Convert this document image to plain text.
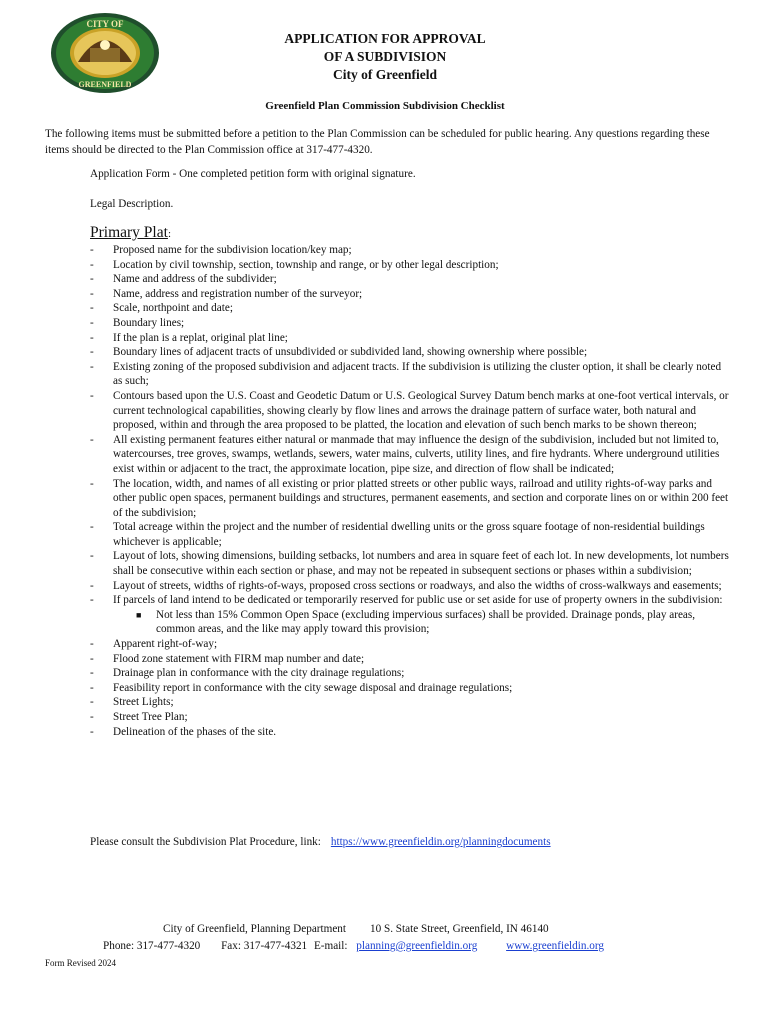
CITY OF
GREENFIELD
APPLICATION FOR APPROVAL
OF A SUBDIVISION
City of Greenfield
Greenfield Plan Commission Subdivision Checklist
The following items must be submitted before a petition to the Plan Commission can be scheduled for public hearing. Any questions regarding these items should be directed to the Plan Commission office at 317-477-4320.
Application Form - One completed petition form with original signature.
Legal Description.
Primary Plat:
- Proposed name for the subdivision location/key map;
- Location by civil township, section, township and range, or by other legal description;
- Name and address of the subdivider;
- Name, address and registration number of the surveyor;
- Scale, northpoint and date;
- Boundary lines;
- If the plan is a replat, original plat line;
- Boundary lines of adjacent tracts of unsubdivided or subdivided land, showing ownership where possible;
- Existing zoning of the proposed subdivision and adjacent tracts. If the subdivision is utilizing the cluster option, it shall be clearly noted as such;
- Contours based upon the U.S. Coast and Geodetic Datum or U.S. Geological Survey Datum bench marks at one-foot vertical intervals, or current technological capabilities, showing clearly by flow lines and arrows the drainage pattern of surface water, both natural and proposed, within and through the area proposed to be platted, the location and elevation of such bench marks to be shown thereon;
- All existing permanent features either natural or manmade that may influence the design of the subdivision, included but not limited to, watercourses, tree groves, swamps, wetlands, sewers, water mains, culverts, utility lines, and fire hydrants. Where underground utilities exist within or adjacent to the tract, the approximate location, pipe size, and direction of flow shall be indicated;
- The location, width, and names of all existing or prior platted streets or other public ways, railroad and utility rights-of-way parks and other public open spaces, permanent buildings and structures, permanent easements, and section and corporate lines on or within 200 feet of the subdivision;
- Total acreage within the project and the number of residential dwelling units or the gross square footage of non-residential buildings whichever is applicable;
- Layout of lots, showing dimensions, building setbacks, lot numbers and area in square feet of each lot. In new developments, lot numbers shall be consecutive within each section or phase, and may not be repeated in subsequent sections or phases within a subdivision;
- Layout of streets, widths of rights-of-ways, proposed cross sections or roadways, and also the widths of cross-walkways and easements;
- If parcels of land intend to be dedicated or temporarily reserved for public use or set aside for use of property owners in the subdivision:
■ Not less than 15% Common Open Space (excluding impervious surfaces) shall be provided. Drainage ponds, play areas, common areas, and the like may apply toward this provision;
- Apparent right-of-way;
- Flood zone statement with FIRM map number and date;
- Drainage plan in conformance with the city drainage regulations;
- Feasibility report in conformance with the city sewage disposal and drainage regulations;
- Street Lights;
- Street Tree Plan;
- Delineation of the phases of the site.
Please consult the Subdivision Plat Procedure, link: https://www.greenfieldin.org/planningdocuments
City of Greenfield, Planning Department 10 S. State Street, Greenfield, IN 46140
Phone: 317-477-4320 Fax: 317-477-4321 E-mail: planning@greenfieldin.org	www.greenfieldin.org
Form Revised 2024
